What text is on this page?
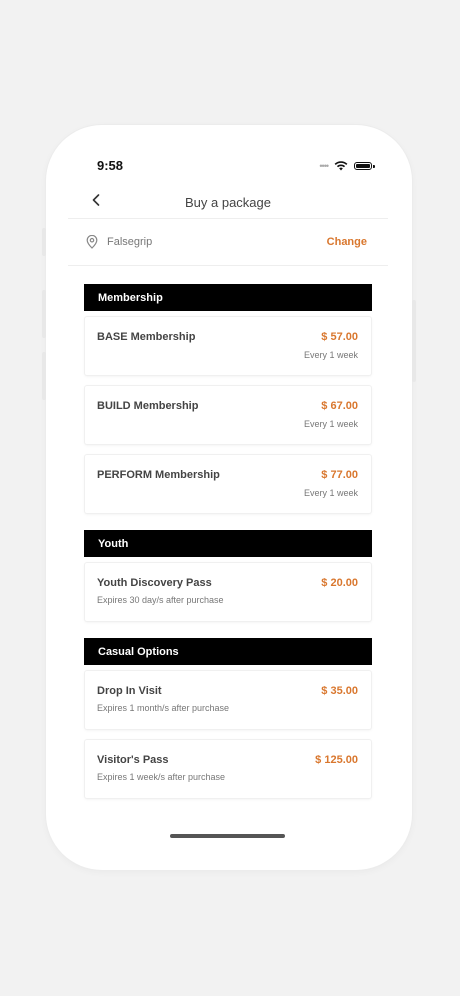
9:58	••••
Buy a package
Falsegrip	Change
Membership
BASE Membership	$ 57.00
Every 1 week
BUILD Membership	$ 67.00
Every 1 week
PERFORM Membership	$ 77.00
Every 1 week
Youth
Youth Discovery Pass	$ 20.00
Expires 30 day/s after purchase
Casual Options
Drop In Visit	$ 35.00
Expires 1 month/s after purchase
Visitor's Pass	$ 125.00
Expires 1 week/s after purchase
